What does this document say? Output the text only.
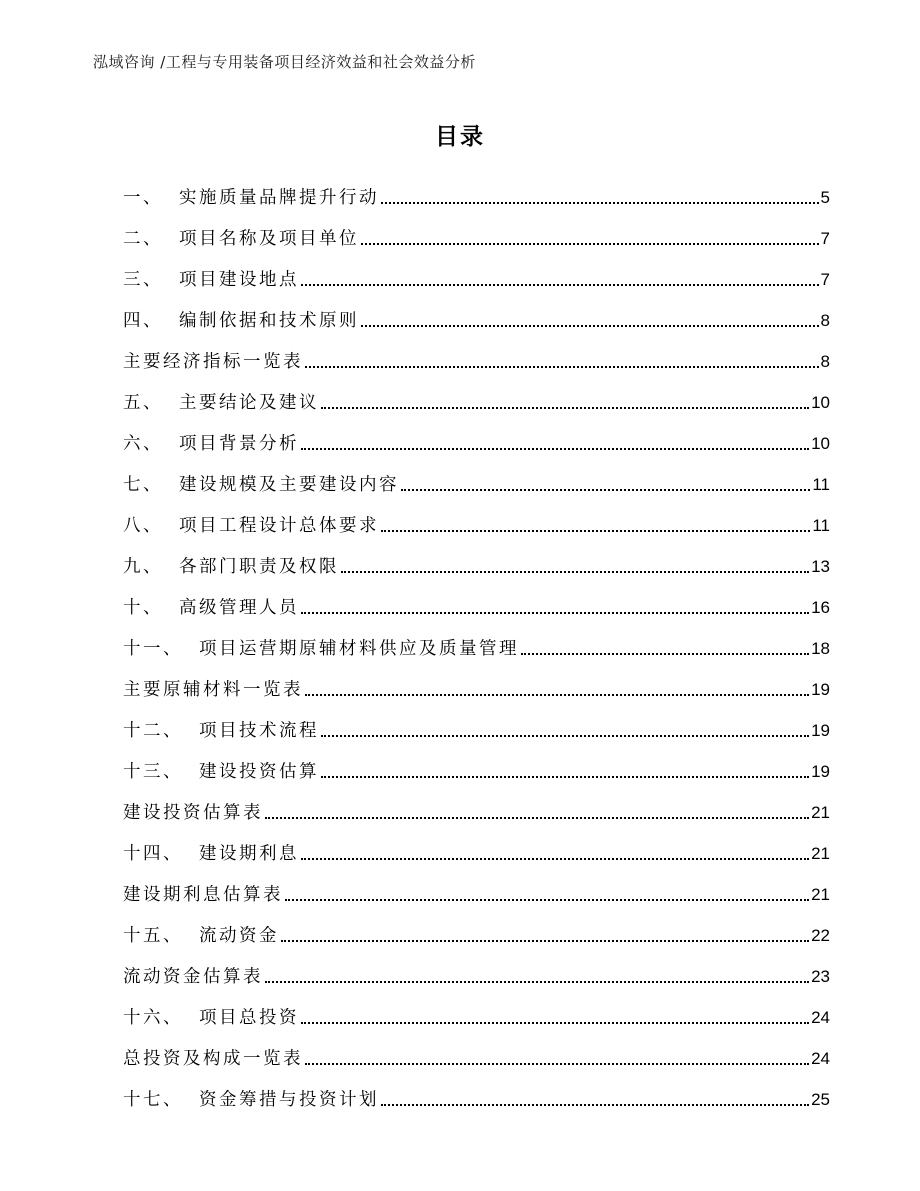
泓域咨询 /工程与专用装备项目经济效益和社会效益分析
目录
一、 实施质量品牌提升行动	5
二、 项目名称及项目单位	7
三、 项目建设地点	7
四、 编制依据和技术原则	8
主要经济指标一览表	8
五、 主要结论及建议	10
六、 项目背景分析	10
七、 建设规模及主要建设内容	11
八、 项目工程设计总体要求	11
九、 各部门职责及权限	13
十、 高级管理人员	16
十一、 项目运营期原辅材料供应及质量管理	18
主要原辅材料一览表	19
十二、 项目技术流程	19
十三、 建设投资估算	19
建设投资估算表	21
十四、 建设期利息	21
建设期利息估算表	21
十五、 流动资金	22
流动资金估算表	23
十六、 项目总投资	24
总投资及构成一览表	24
十七、 资金筹措与投资计划	25
